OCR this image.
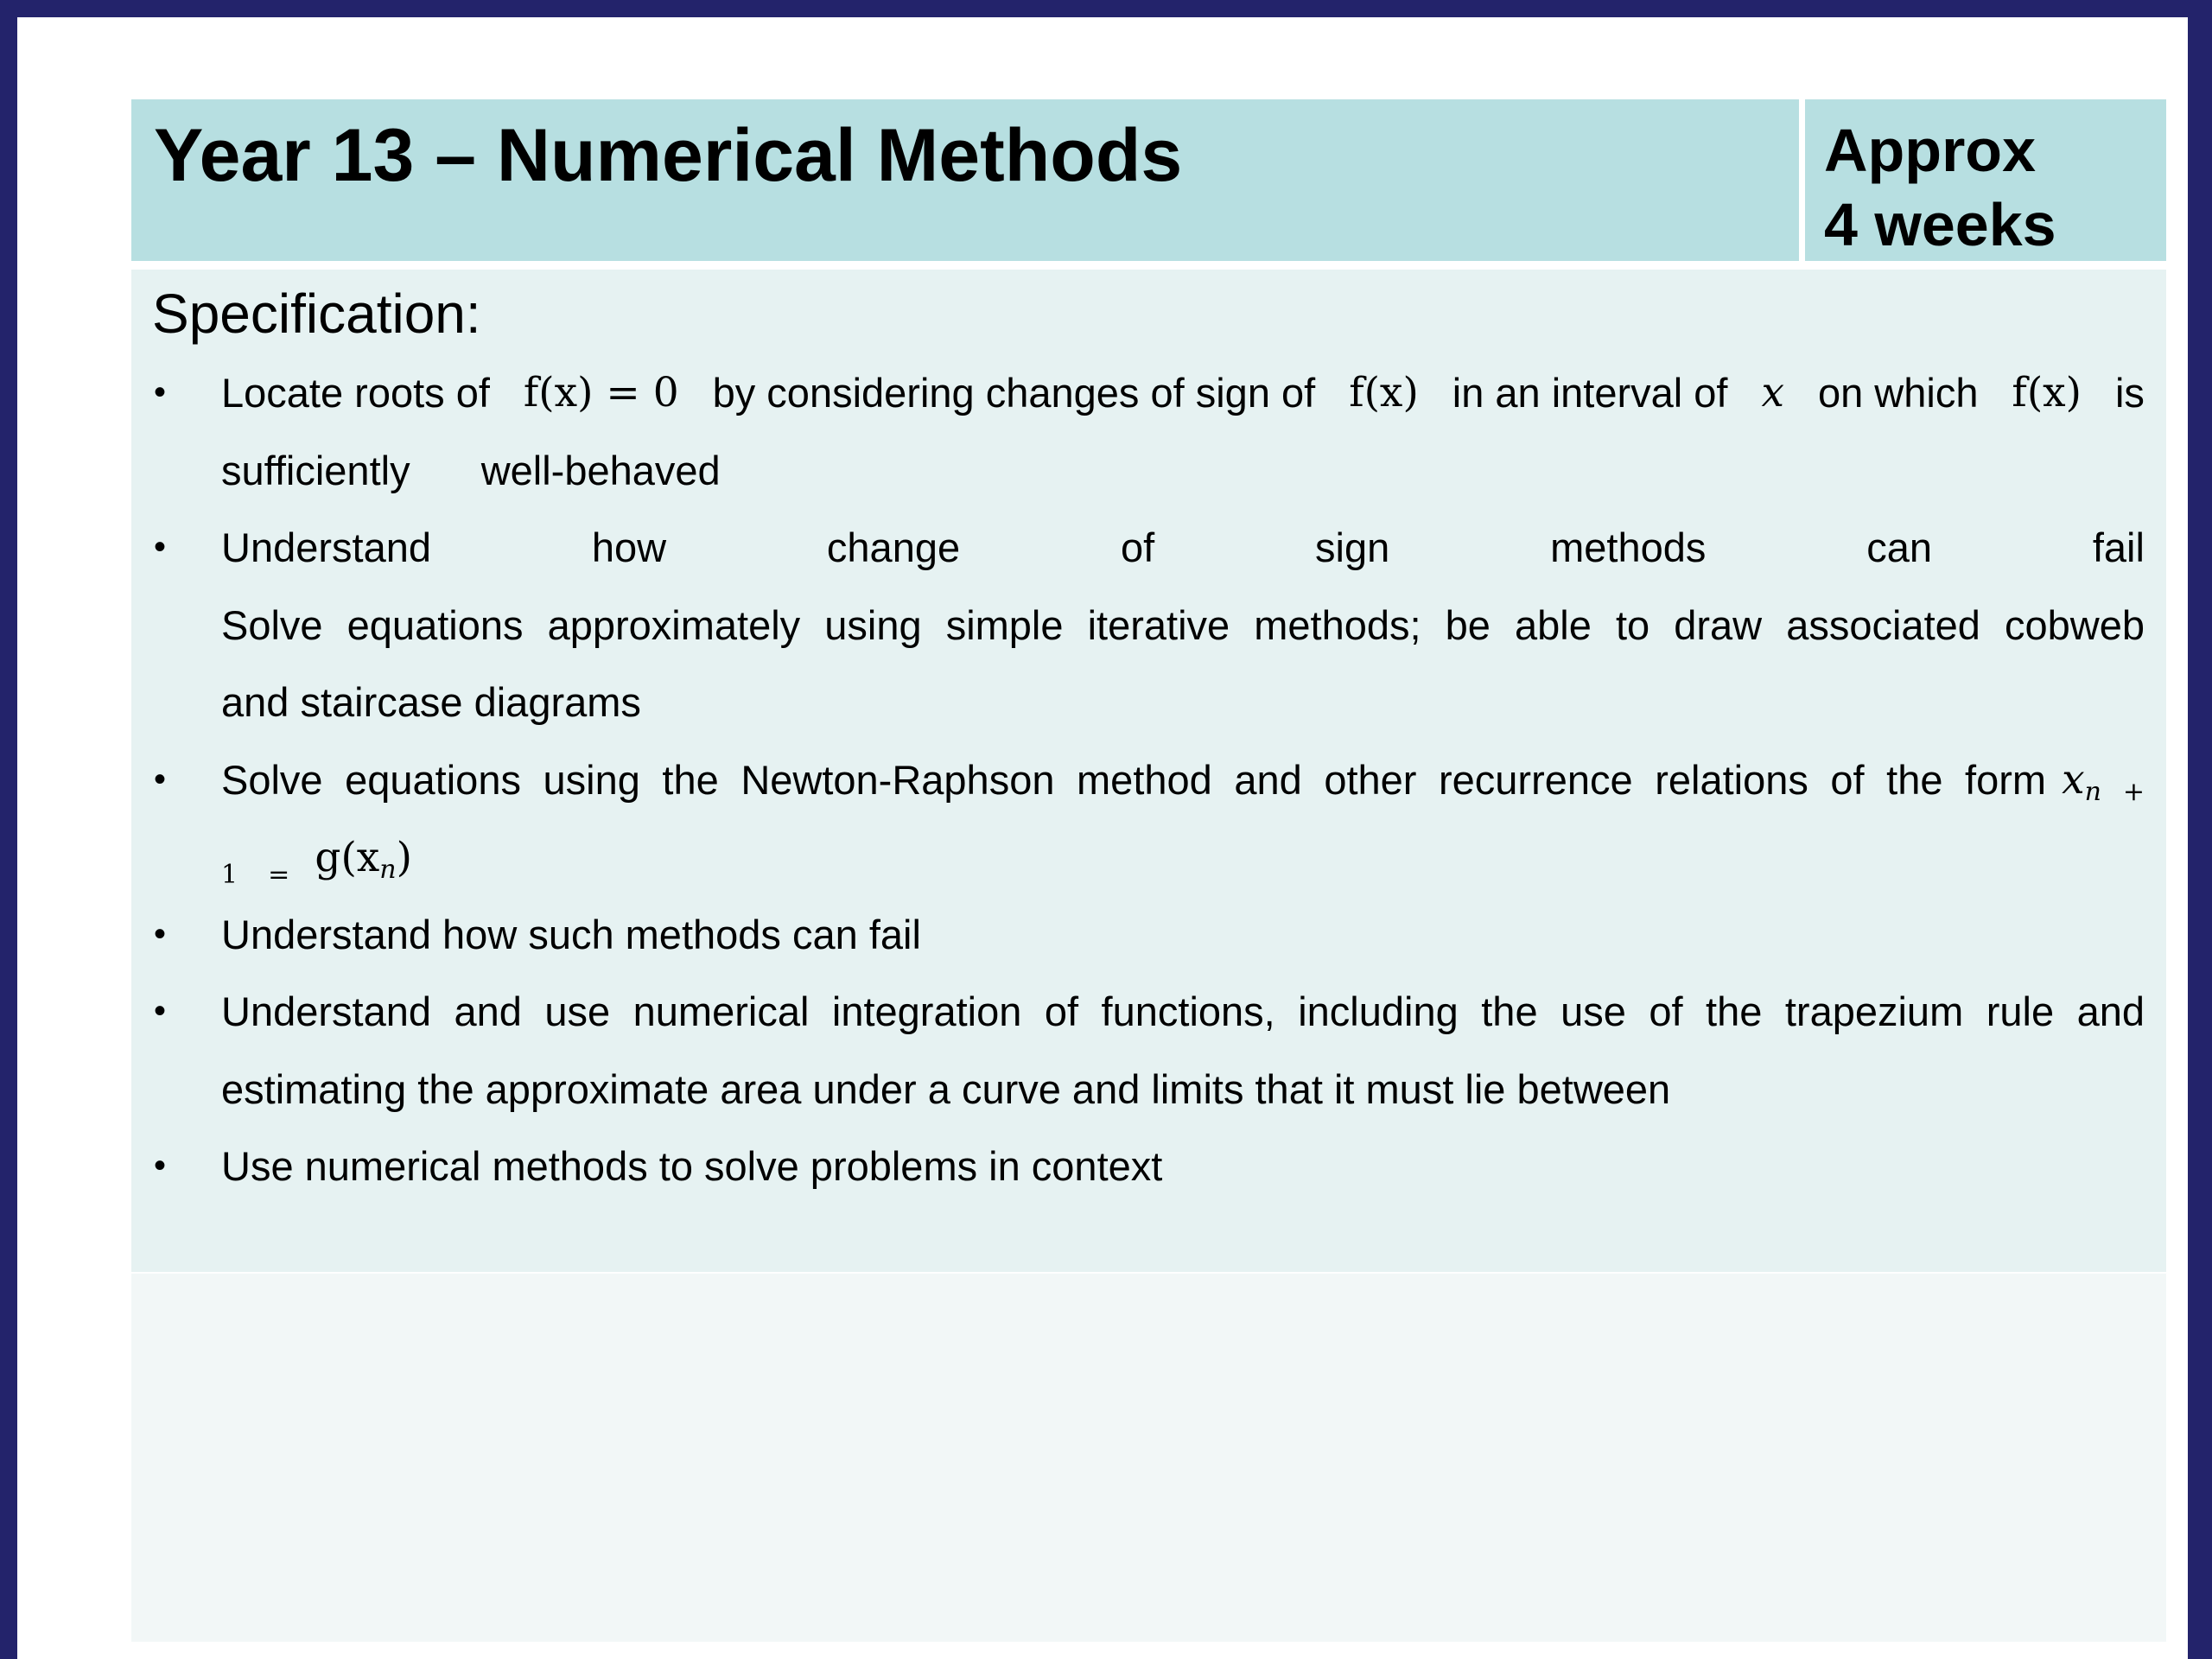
Year 13 – Numerical Methods	Approx
4 weeks
Specification:
• Locate roots of f(x) = 0 by considering changes of sign of f(x) in an interval of x on which f(x) is
sufficiently well-behaved
• Understand	how	change	of	sign	methods	can	fail
Solve equations approximately using simple iterative methods; be able to draw associated cobweb
and staircase diagrams
• Solve equations using the Newton-Raphson method and other recurrence relations of the form $x_n$ $_+$
$_1$ $_=$ $g(x_n)$
• Understand how such methods can fail
• Understand and use numerical integration of functions, including the use of the trapezium rule and
estimating the approximate area under a curve and limits that it must lie between
• Use numerical methods to solve problems in context
